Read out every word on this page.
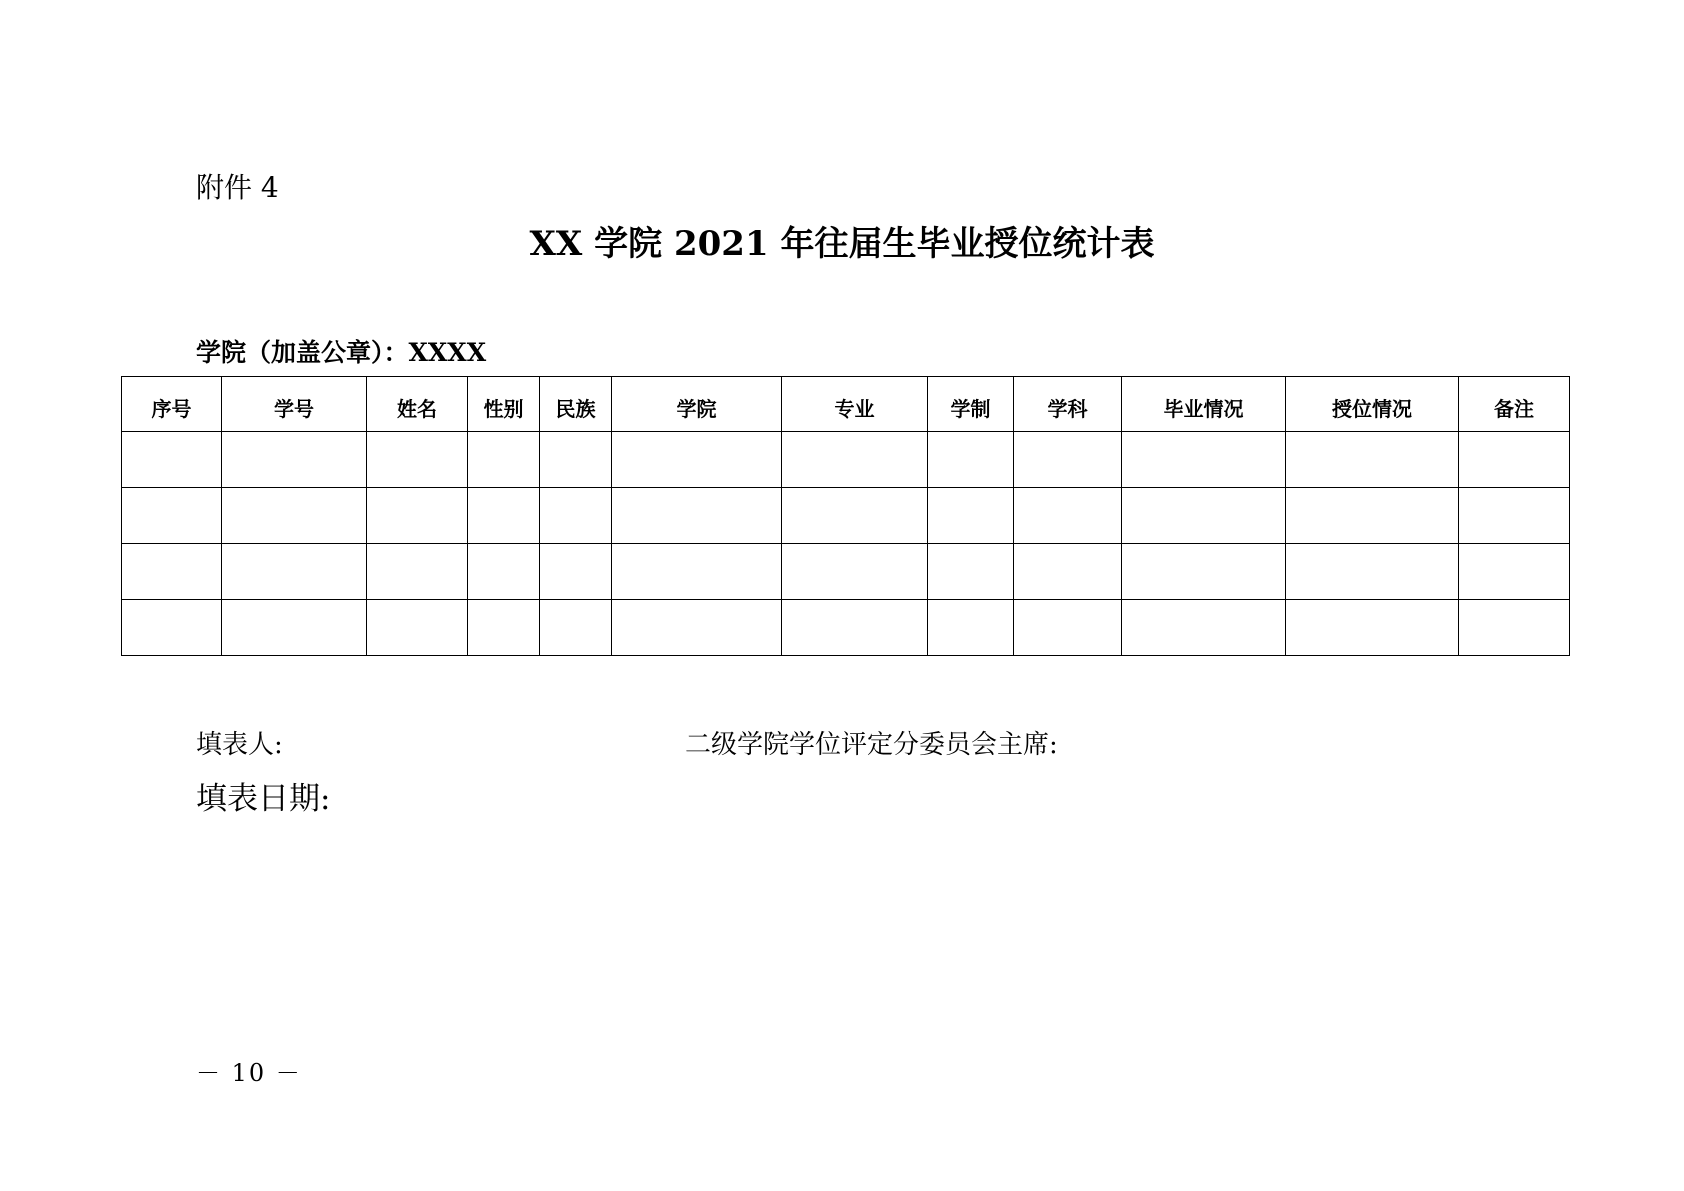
附件 4
XX 学院 2021 年往届生毕业授位统计表
学院（加盖公章）：XXXX
序号	学号	姓名	性别	民族	学院	专业	学制	学科	毕业情况	授位情况	备注

填表人:	二级学院学位评定分委员会主席:
填表日期:
－ 10 －
